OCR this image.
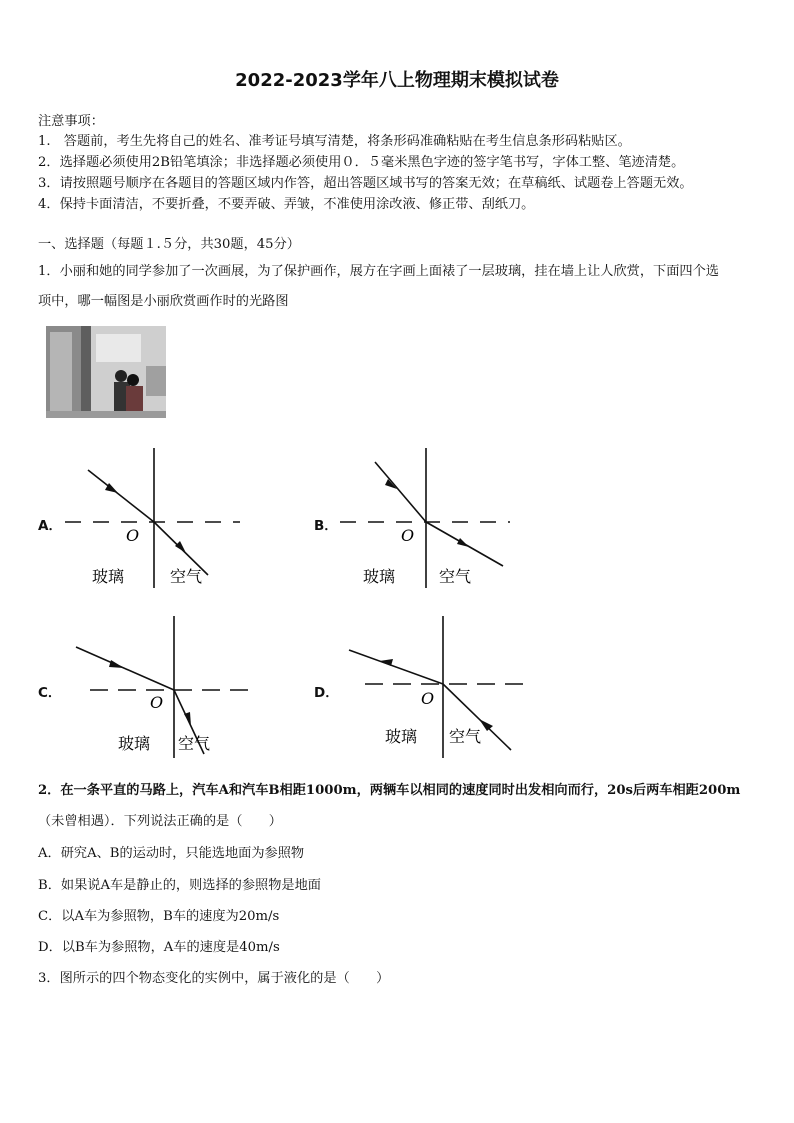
2022-2023学年八上物理期末模拟试卷
注意事项：
1.　答题前，考生先将自己的姓名、准考证号填写清楚，将条形码准确粘贴在考生信息条形码粘贴区。
2．选择题必须使用2B铅笔填涂；非选择题必须使用０．５毫米黑色字迹的签字笔书写，字体工整、笔迹清楚。
3．请按照题号顺序在各题目的答题区域内作答，超出答题区域书写的答案无效；在草稿纸、试题卷上答题无效。
4．保持卡面清洁，不要折叠，不要弄破、弄皱，不准使用涂改液、修正带、刮纸刀。
一、选择题（每题１.５分，共30题，45分）
1．小丽和她的同学参加了一次画展，为了保护画作，展方在字画上面裱了一层玻璃，挂在墙上让人欣赏，下面四个选
项中，哪一幅图是小丽欣赏画作时的光路图
A．	O
玻璃	空气
B．	O
玻璃	空气
C．	O
玻璃 空气
D．	O
玻璃 空气
2．在一条平直的马路上，汽车A和汽车B相距1000m，两辆车以相同的速度同时出发相向而行，20s后两车相距200m
（未曾相遇）．下列说法正确的是（　　）
A．研究A、B的运动时，只能选地面为参照物
B．如果说A车是静止的，则选择的参照物是地面
C．以A车为参照物，B车的速度为20m/s
D．以B车为参照物，A车的速度是40m/s
3．图所示的四个物态变化的实例中，属于液化的是（　　）
